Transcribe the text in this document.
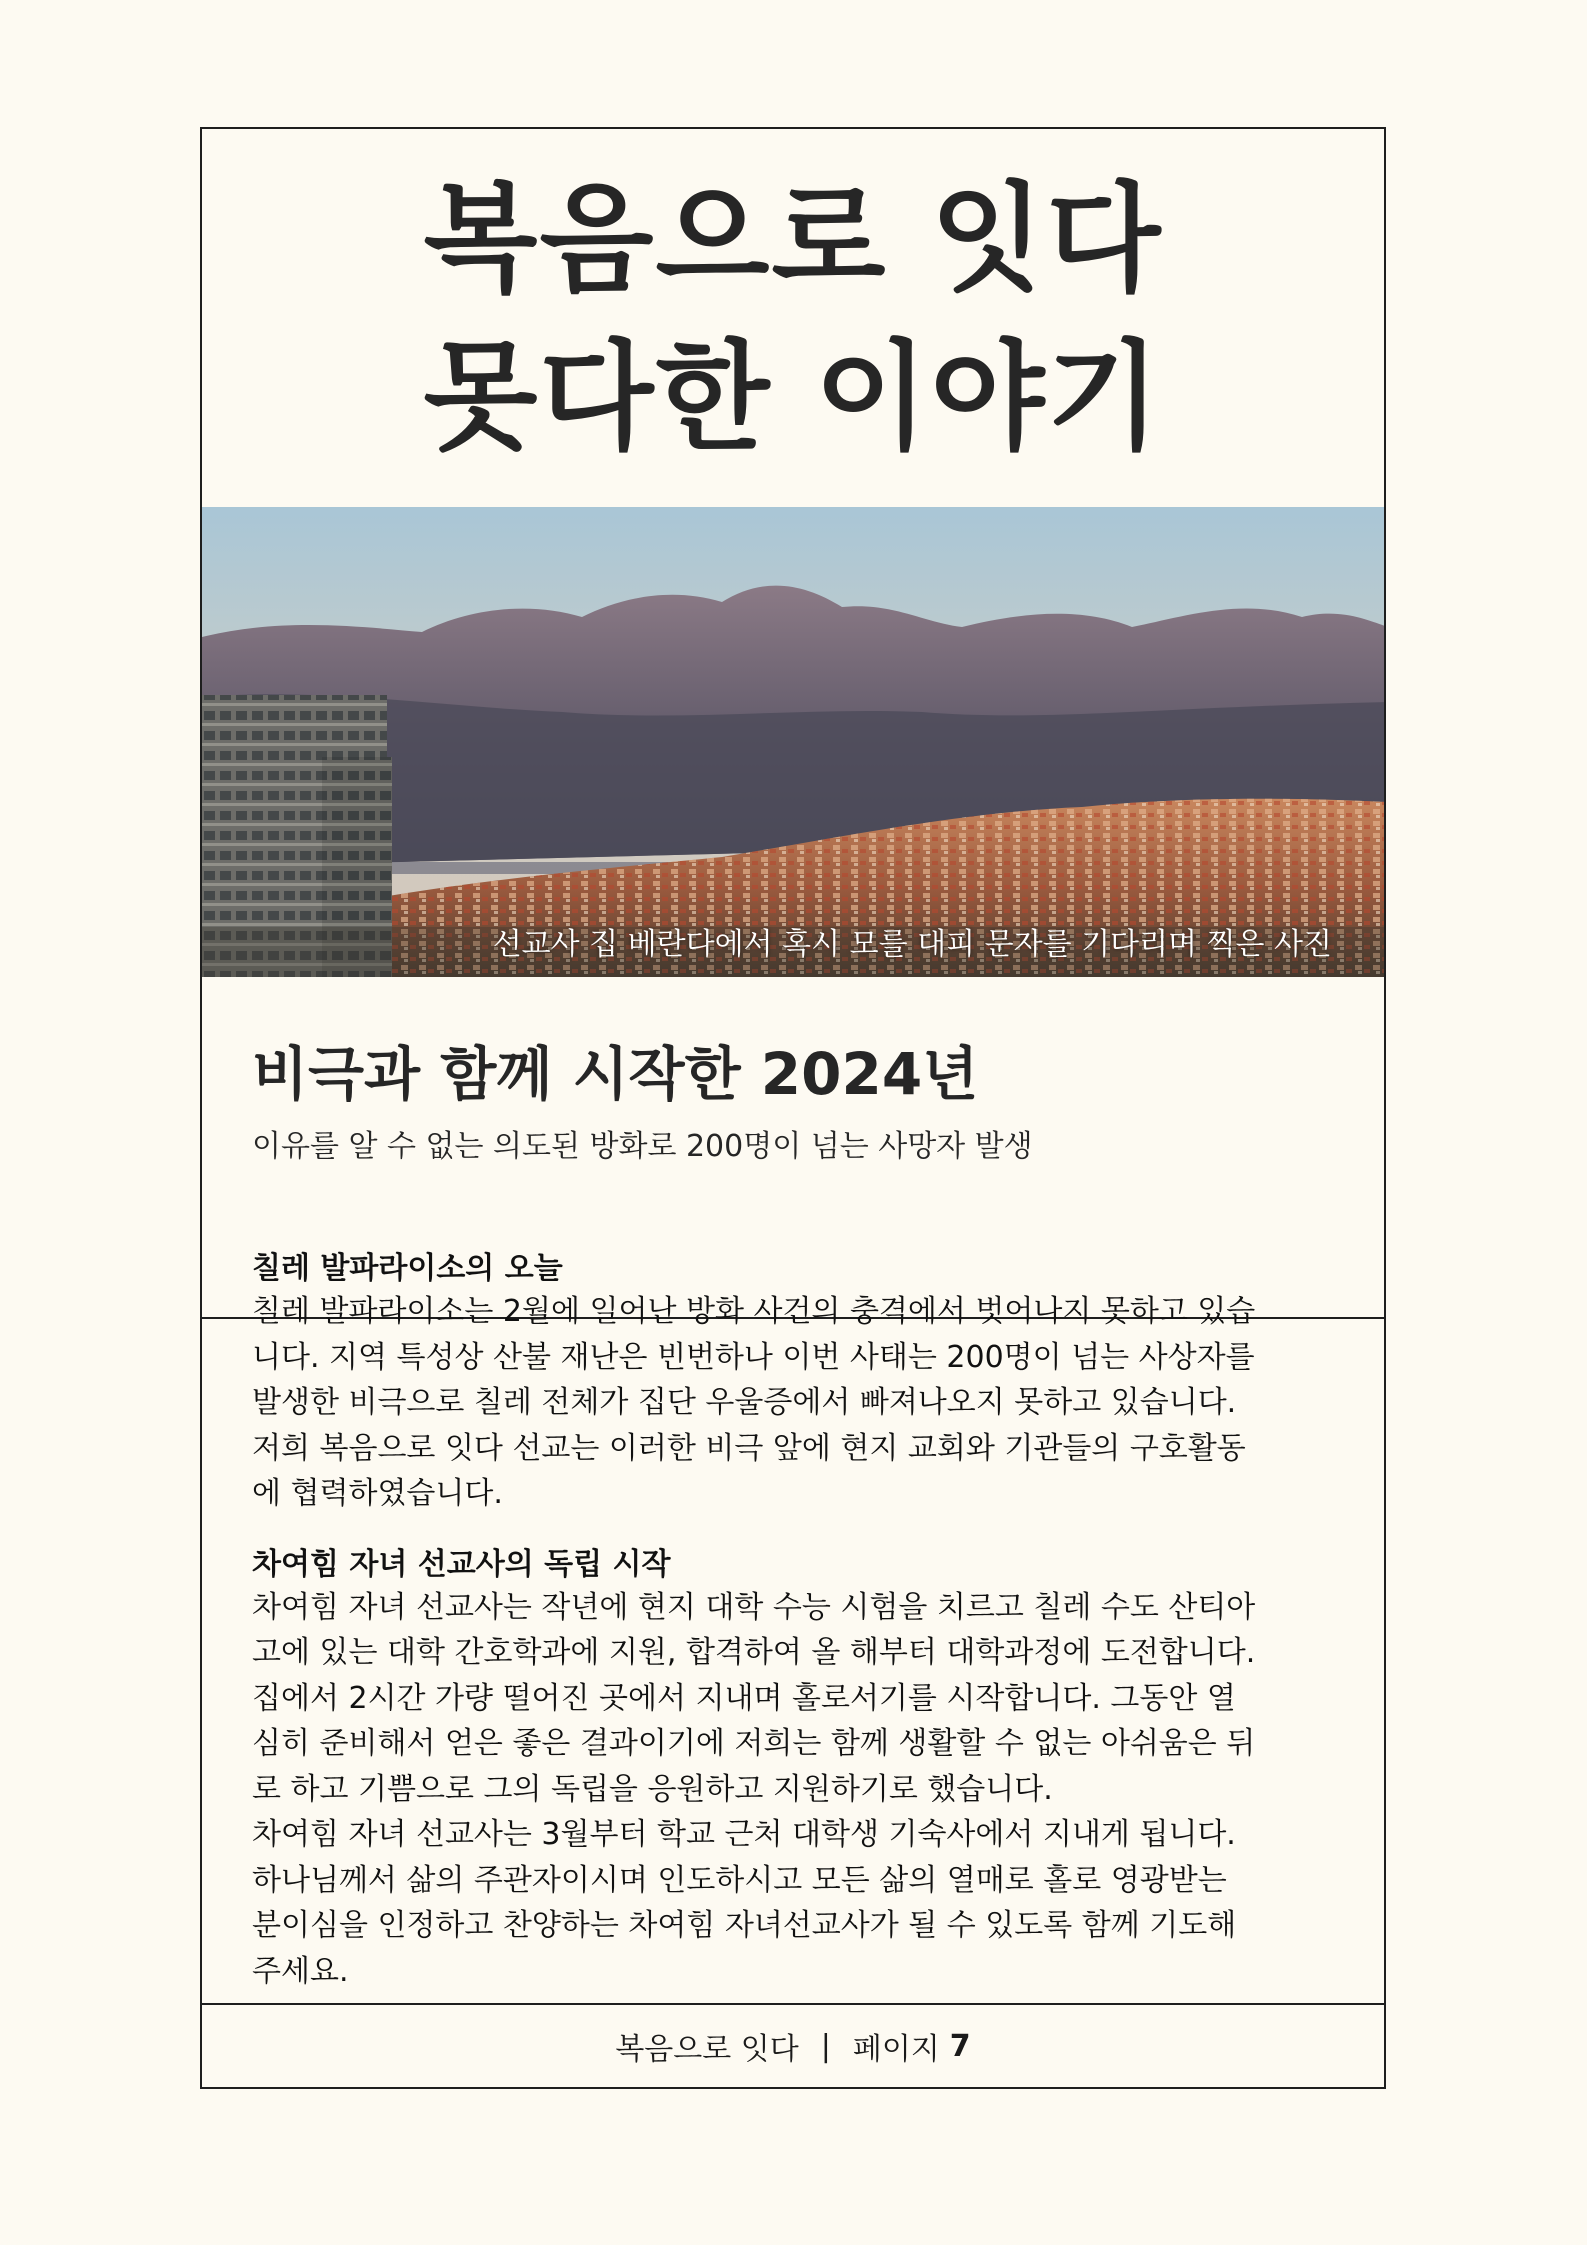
복음으로 잇다
못다한 이야기
선교사 집 베란다에서 혹시 모를 대피 문자를 기다리며 찍은 사진
비극과 함께 시작한 2024년
이유를 알 수 없는 의도된 방화로 200명이 넘는 사망자 발생
칠레 발파라이소의 오늘
칠레 발파라이소는 2월에 일어난 방화 사건의 충격에서 벗어나지 못하고 있습
니다. 지역 특성상 산불 재난은 빈번하나 이번 사태는 200명이 넘는 사상자를
발생한 비극으로 칠레 전체가 집단 우울증에서 빠져나오지 못하고 있습니다.
저희 복음으로 잇다 선교는 이러한 비극 앞에 현지 교회와 기관들의 구호활동
에 협력하였습니다.
차여힘 자녀 선교사의 독립 시작
차여힘 자녀 선교사는 작년에 현지 대학 수능 시험을 치르고 칠레 수도 산티아
고에 있는 대학 간호학과에 지원, 합격하여 올 해부터 대학과정에 도전합니다.
집에서 2시간 가량 떨어진 곳에서 지내며 홀로서기를 시작합니다. 그동안 열
심히 준비해서 얻은 좋은 결과이기에 저희는 함께 생활할 수 없는 아쉬움은 뒤
로 하고 기쁨으로 그의 독립을 응원하고 지원하기로 했습니다.
차여힘 자녀 선교사는 3월부터 학교 근처 대학생 기숙사에서 지내게 됩니다.
하나님께서 삶의 주관자이시며 인도하시고 모든 삶의 열매로 홀로 영광받는
분이심을 인정하고 찬양하는 차여힘 자녀선교사가 될 수 있도록 함께 기도해
주세요.
복음으로 잇다 | 페이지 7
